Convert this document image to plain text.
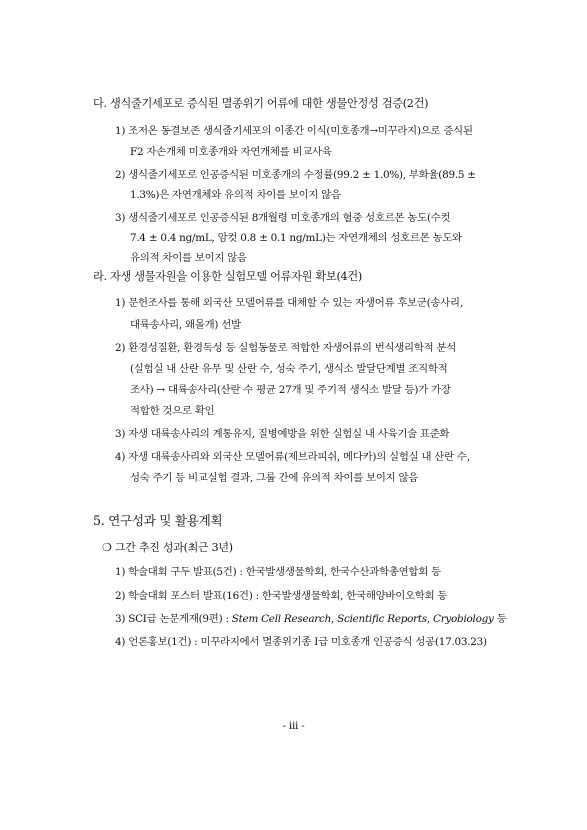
다. 생식줄기세포로 증식된 멸종위기 어류에 대한 생물안정성 검증(2건)
1) 조저온 동결보존 생식줄기세포의 이종간 이식(미호종개→미꾸라지)으로 증식된
F2 자손개체 미호종개와 자연개체를 비교사육
2) 생식줄기세포로 인공증식된 미호종개의 수정률(99.2 ± 1.0%), 부화율(89.5 ±
1.3%)은 자연개체와 유의적 차이를 보이지 않음
3) 생식줄기세포로 인공증식된 8개월령 미호종개의 혈중 성호르몬 농도(수컷
7.4 ± 0.4 ng/mL, 암컷 0.8 ± 0.1 ng/mL)는 자연개체의 성호르몬 농도와
유의적 차이를 보이지 않음
라. 자생 생물자원을 이용한 실험모델 어류자원 확보(4건)
1) 문헌조사를 통해 외국산 모델어류를 대체할 수 있는 자생어류 후보군(송사리,
대륙송사리, 왜몰개) 선발
2) 환경성질환, 환경독성 등 실험동물로 적합한 자생어류의 번식생리학적 분석
(실험실 내 산란 유무 및 산란 수, 성숙 주기, 생식소 발달단계별 조직학적
조사) → 대륙송사리(산란 수 평균 27개 및 주기적 생식소 발달 등)가 가장
적합한 것으로 확인
3) 자생 대륙송사리의 계통유지, 질병예방을 위한 실험실 내 사육기술 표준화
4) 자생 대륙송사리와 외국산 모델어류(제브라피쉬, 메다카)의 실험실 내 산란 수,
성숙 주기 등 비교실험 결과, 그룹 간에 유의적 차이를 보이지 않음
5. 연구성과 및 활용계획
❍ 그간 추진 성과(최근 3년)
1) 학술대회 구두 발표(5건) : 한국발생생물학회, 한국수산과학총연합회 등
2) 학술대회 포스터 발표(16건) : 한국발생생물학회, 한국해양바이오학회 등
3) SCI급 논문게재(9편) : Stem Cell Research, Scientific Reports, Cryobiology 등
4) 언론홍보(1건) : 미꾸라지에서 멸종위기종 Ⅰ급 미호종개 인공증식 성공(17.03.23)
- iii -
